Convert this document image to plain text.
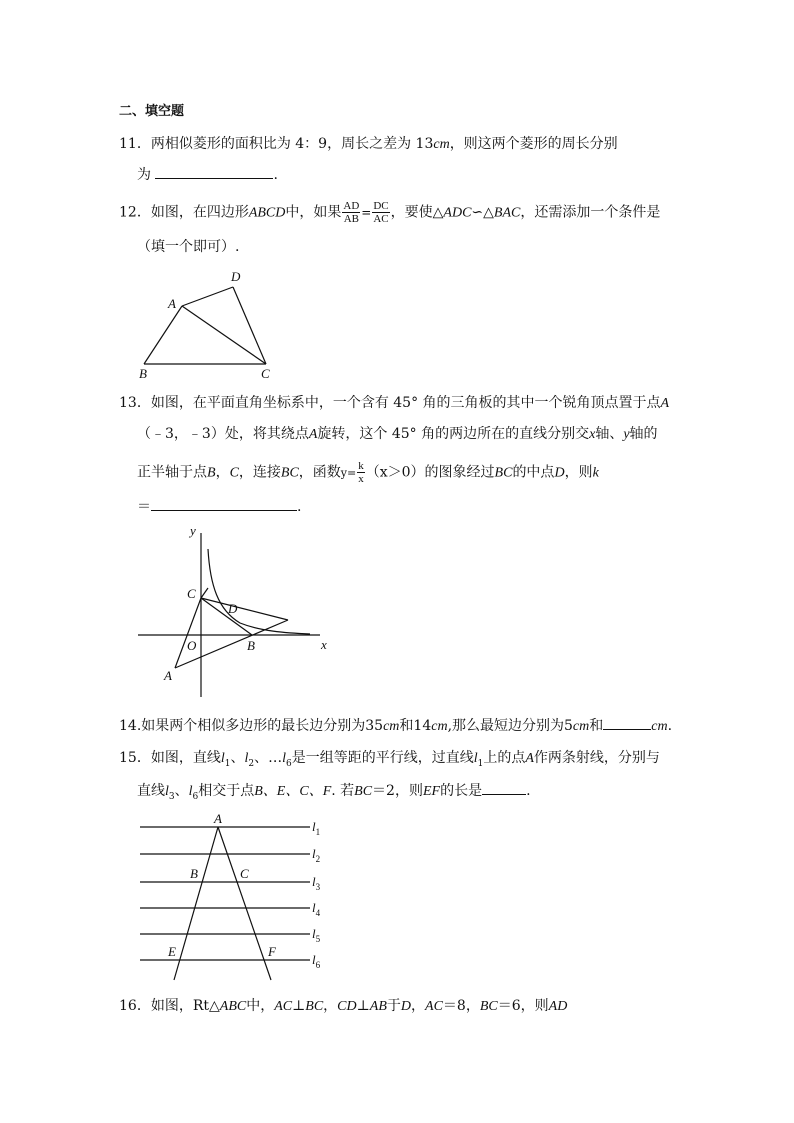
二、填空题
11．两相似菱形的面积比为 4：9，周长之差为 13cm，则这两个菱形的周长分别
为	.
12．如图，在四边形ABCD中，如果 $\frac{AD}{AB} = \frac{DC}{AC}$ ，要使△ADC∽△BAC，还需添加一个条件是
（填一个即可）.
A
B	C
D
13．如图，在平面直角坐标系中，一个含有 45° 角的三角板的其中一个锐角顶点置于点A
（﹣3，﹣3）处，将其绕点A旋转，这个 45° 角的两边所在的直线分别交x轴、y轴的
正半轴于点B，C，连接BC，函数$y= \frac{k}{x} (x>0)$的图象经过BC的中点D，则k
＝	.
y
x
O
A
B
C
D
14.如果两个相似多边形的最长边分别为35cm和14cm,那么最短边分别为5cm和	cm.
15．如图，直线$l_1$、$l_2$、$\dots l_6$是一组等距的平行线，过直线$l_1$上的点A作两条射线，分别与
直线$l_3$、$l_6$相交于点B、E、C、F. 若BC＝2，则EF的长是	.
A
B	C
E	F
$l_1$
$l_2$
$l_3$
$l_4$
$l_5$
$l_6$
16．如图，Rt△ABC中，AC⊥BC，CD⊥AB于D，AC＝8，BC＝6，则AD
